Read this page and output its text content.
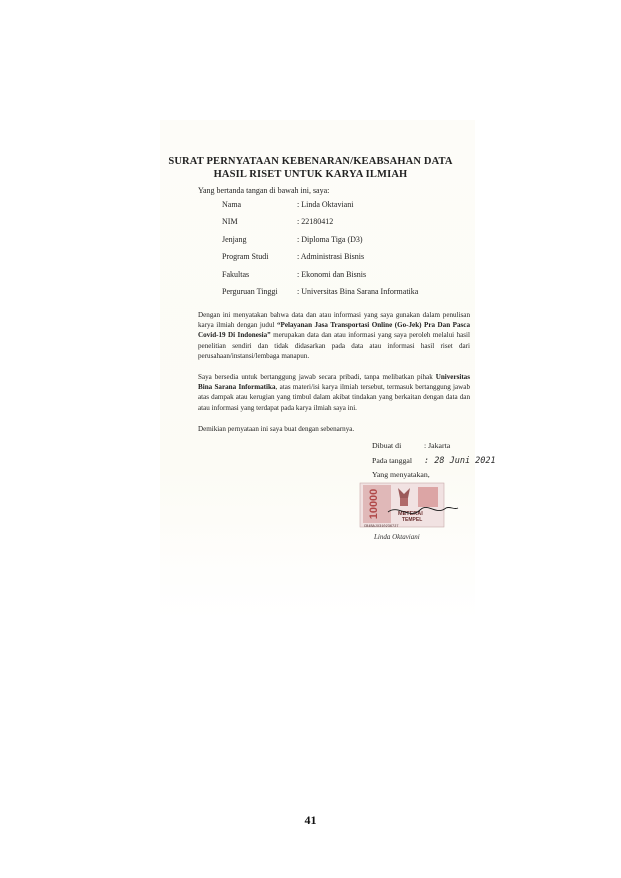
SURAT PERNYATAAN KEBENARAN/KEABSAHAN DATA
HASIL RISET UNTUK KARYA ILMIAH
Yang bertanda tangan di bawah ini, saya:
Nama	: Linda Oktaviani
NIM	: 22180412
Jenjang	: Diploma Tiga (D3)
Program Studi	: Administrasi Bisnis
Fakultas	: Ekonomi dan Bisnis
Perguruan Tinggi	: Universitas Bina Sarana Informatika
Dengan ini menyatakan bahwa data dan atau informasi yang saya gunakan dalam penulisan karya ilmiah dengan judul “Pelayanan Jasa Transportasi Online (Go-Jek) Pra Dan Pasca Covid-19 Di Indonesia” merupakan data dan atau informasi yang saya peroleh melalui hasil penelitian sendiri dan tidak didasarkan pada data atau informasi hasil riset dari perusahaan/instansi/lembaga manapun.
Saya bersedia untuk bertanggung jawab secara pribadi, tanpa melibatkan pihak Universitas Bina Sarana Informatika, atas materi/isi karya ilmiah tersebut, termasuk bertanggung jawab atas dampak atau kerugian yang timbul dalam akibat tindakan yang berkaitan dengan data dan atau informasi yang terdapat pada karya ilmiah saya ini.
Demikian pernyataan ini saya buat dengan sebenarnya.
Dibuat di	: Jakarta
Pada tanggal : 28 Juni 2021
Yang menyatakan,
10000	METERAI
TEMPEL
CB4BAJX310236727
Linda Oktaviani
41
